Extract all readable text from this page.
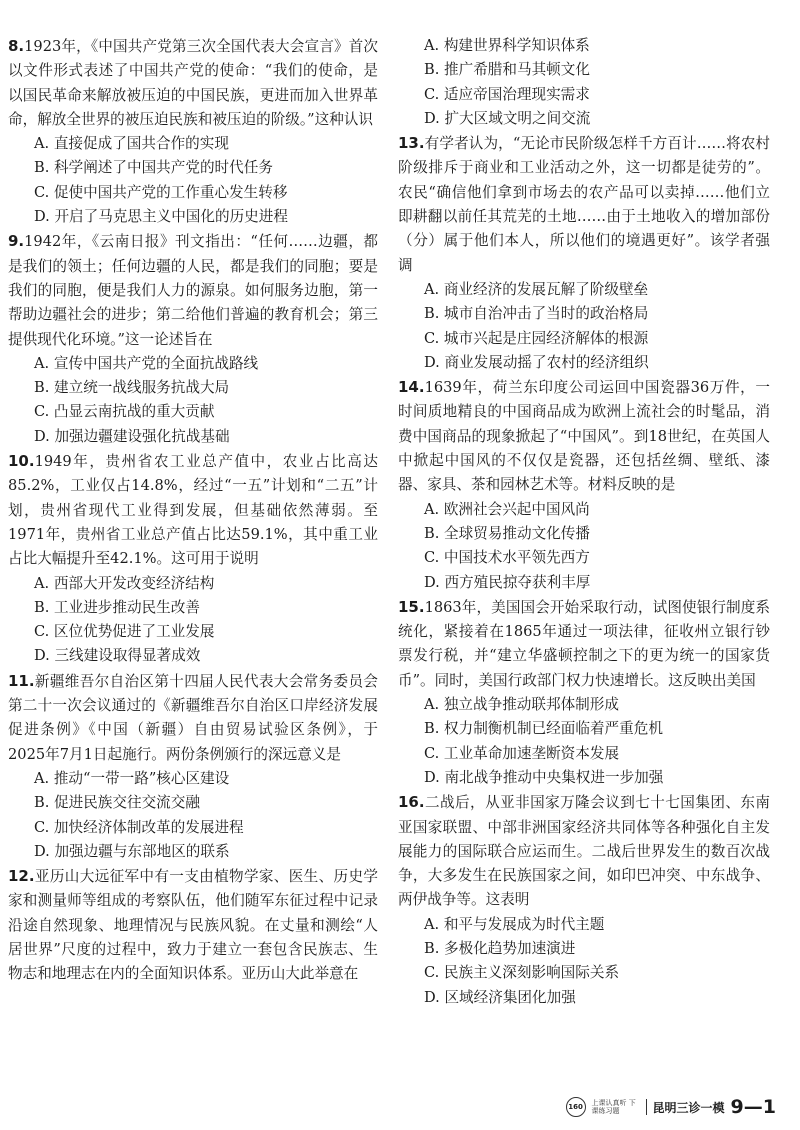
8.1923年，《中国共产党第三次全国代表大会宣言》首次以文件形式表述了中国共产党的使命：“我们的使命，是以国民革命来解放被压迫的中国民族，更进而加入世界革命，解放全世界的被压迫民族和被压迫的阶级。”这种认识
A. 直接促成了国共合作的实现
B. 科学阐述了中国共产党的时代任务
C. 促使中国共产党的工作重心发生转移
D. 开启了马克思主义中国化的历史进程
9.1942年，《云南日报》刊文指出：“任何……边疆，都是我们的领土；任何边疆的人民，都是我们的同胞；要是我们的同胞，便是我们人力的源泉。如何服务边胞，第一帮助边疆社会的进步；第二给他们普遍的教育机会；第三提供现代化环境。”这一论述旨在
A. 宣传中国共产党的全面抗战路线
B. 建立统一战线服务抗战大局
C. 凸显云南抗战的重大贡献
D. 加强边疆建设强化抗战基础
10.1949年，贵州省农工业总产值中，农业占比高达85.2%，工业仅占14.8%，经过“一五”计划和“二五”计划，贵州省现代工业得到发展，但基础依然薄弱。至1971年，贵州省工业总产值占比达59.1%，其中重工业占比大幅提升至42.1%。这可用于说明
A. 西部大开发改变经济结构
B. 工业进步推动民生改善
C. 区位优势促进了工业发展
D. 三线建设取得显著成效
11.新疆维吾尔自治区第十四届人民代表大会常务委员会第二十一次会议通过的《新疆维吾尔自治区口岸经济发展促进条例》《中国（新疆）自由贸易试验区条例》，于2025年7月1日起施行。两份条例颁行的深远意义是
A. 推动“一带一路”核心区建设
B. 促进民族交往交流交融
C. 加快经济体制改革的发展进程
D. 加强边疆与东部地区的联系
12.亚历山大远征军中有一支由植物学家、医生、历史学家和测量师等组成的考察队伍，他们随军东征过程中记录沿途自然现象、地理情况与民族风貌。在丈量和测绘“人居世界”尺度的过程中，致力于建立一套包含民族志、生物志和地理志在内的全面知识体系。亚历山大此举意在
A. 构建世界科学知识体系
B. 推广希腊和马其顿文化
C. 适应帝国治理现实需求
D. 扩大区域文明之间交流
13.有学者认为，“无论市民阶级怎样千方百计……将农村阶级排斥于商业和工业活动之外，这一切都是徒劳的”。农民“确信他们拿到市场去的农产品可以卖掉……他们立即耕翻以前任其荒芜的土地……由于土地收入的增加部份（分）属于他们本人，所以他们的境遇更好”。该学者强调
A. 商业经济的发展瓦解了阶级壁垒
B. 城市自治冲击了当时的政治格局
C. 城市兴起是庄园经济解体的根源
D. 商业发展动摇了农村的经济组织
14.1639年，荷兰东印度公司运回中国瓷器36万件，一时间质地精良的中国商品成为欧洲上流社会的时髦品，消费中国商品的现象掀起了“中国风”。到18世纪，在英国人中掀起中国风的不仅仅是瓷器，还包括丝绸、壁纸、漆器、家具、茶和园林艺术等。材料反映的是
A. 欧洲社会兴起中国风尚
B. 全球贸易推动文化传播
C. 中国技术水平领先西方
D. 西方殖民掠夺获利丰厚
15.1863年，美国国会开始采取行动，试图使银行制度系统化，紧接着在1865年通过一项法律，征收州立银行钞票发行税，并“建立华盛顿控制之下的更为统一的国家货币”。同时，美国行政部门权力快速增长。这反映出美国
A. 独立战争推动联邦体制形成
B. 权力制衡机制已经面临着严重危机
C. 工业革命加速垄断资本发展
D. 南北战争推动中央集权进一步加强
16.二战后，从亚非国家万隆会议到七十七国集团、东南亚国家联盟、中部非洲国家经济共同体等各种强化自主发展能力的国际联合应运而生。二战后世界发生的数百次战争，大多发生在民族国家之间，如印巴冲突、中东战争、两伊战争等。这表明
A. 和平与发展成为时代主题
B. 多极化趋势加速演进
C. 民族主义深刻影响国际关系
D. 区域经济集团化加强
160	上课认真听 下课练习题	昆明三诊一模 9—1
